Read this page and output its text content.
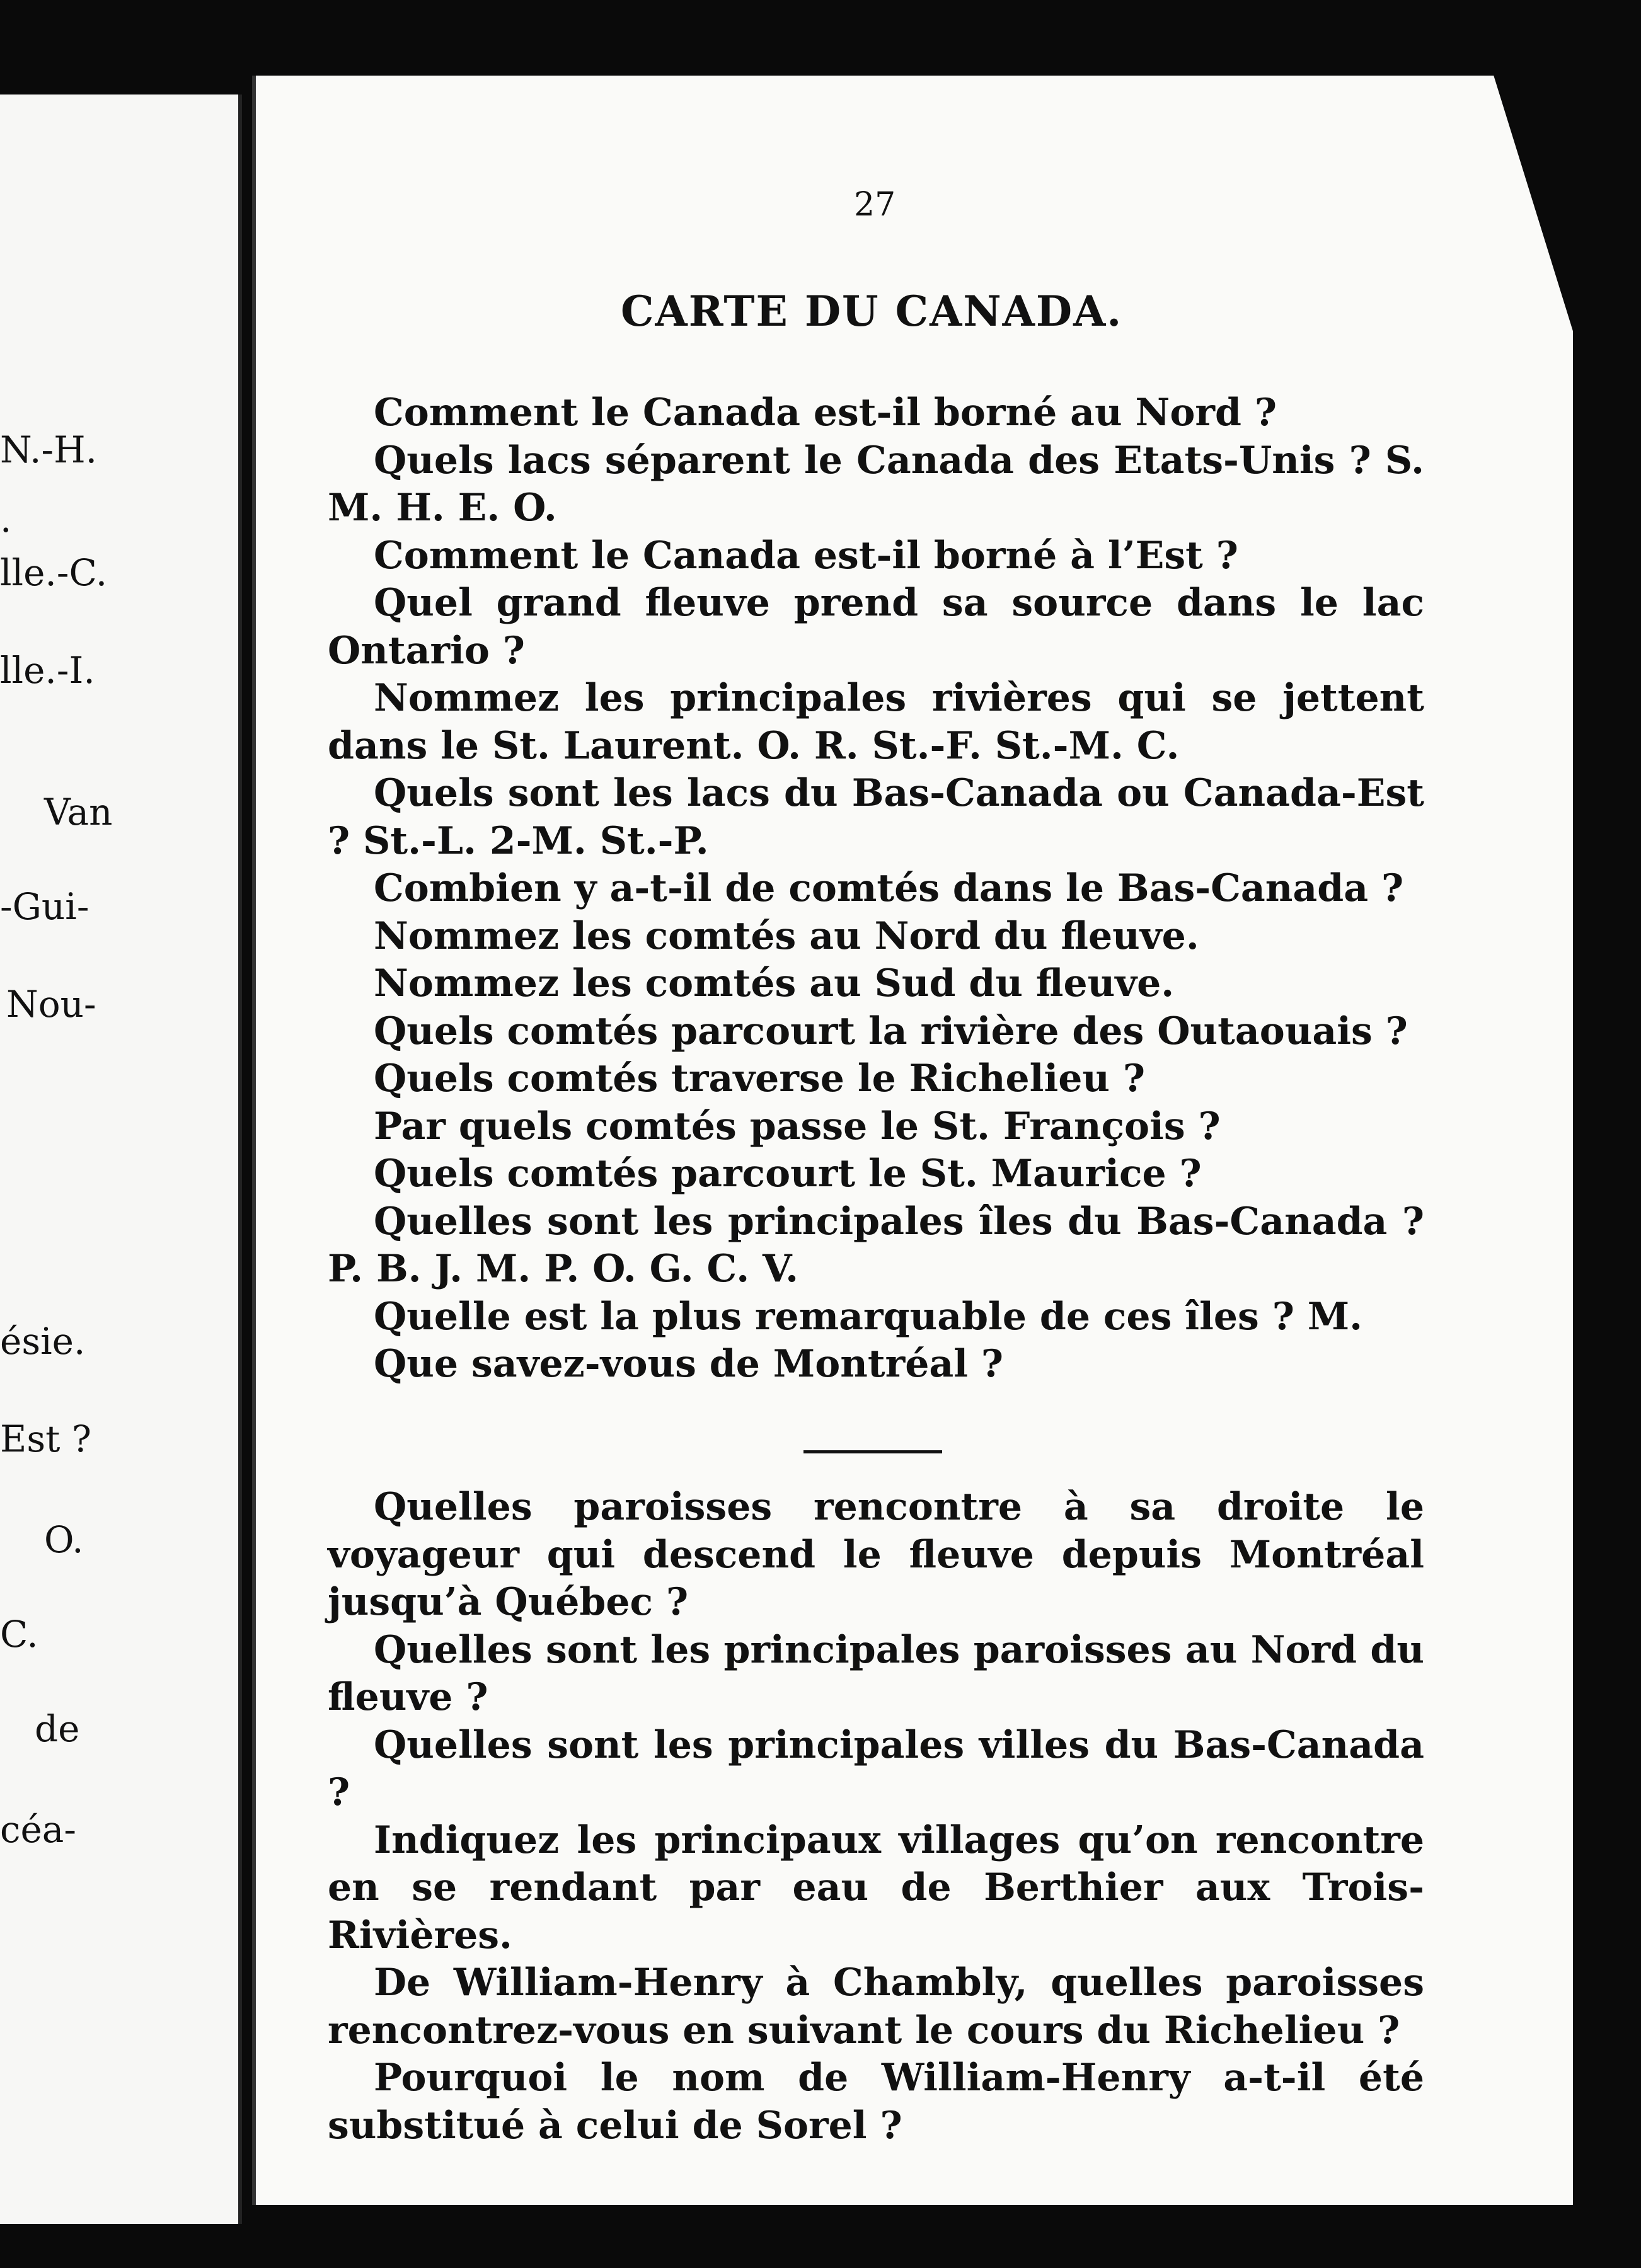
N.-H.
.
lle.-C.
lle.-I.
Van
-Gui-
Nou-
ésie.
Est ?
O.
C.
de
céa-
27
CARTE DU CANADA.

Comment le Canada est-il borné au Nord ?

Quels lacs séparent le Canada des Etats-Unis ? S. M. H. E. O.

Comment le Canada est-il borné à l’Est ?

Quel grand fleuve prend sa source dans le lac Ontario ?

Nommez les principales rivières qui se jettent dans le St. Laurent. O. R. St.-F. St.-M. C.

Quels sont les lacs du Bas-Canada ou Canada-Est ? St.-L. 2-M. St.-P.

Combien y a-t-il de comtés dans le Bas-Canada ?

Nommez les comtés au Nord du fleuve.

Nommez les comtés au Sud du fleuve.

Quels comtés parcourt la rivière des Outaouais ?

Quels comtés traverse le Richelieu ?

Par quels comtés passe le St. François ?

Quels comtés parcourt le St. Maurice ?

Quelles sont les principales îles du Bas-Canada ? P. B. J. M. P. O. G. C. V.

Quelle est la plus remarquable de ces îles ? M.

Que savez-vous de Montréal ?

Quelles paroisses rencontre à sa droite le voyageur qui descend le fleuve depuis Montréal jusqu’à Québec ?

Quelles sont les principales paroisses au Nord du fleuve ?

Quelles sont les principales villes du Bas-Canada ?

Indiquez les principaux villages qu’on rencontre en se rendant par eau de Berthier aux Trois-Rivières.

De William-Henry à Chambly, quelles paroisses rencontrez-vous en suivant le cours du Richelieu ?

Pourquoi le nom de William-Henry a-t-il été substitué à celui de Sorel ?
